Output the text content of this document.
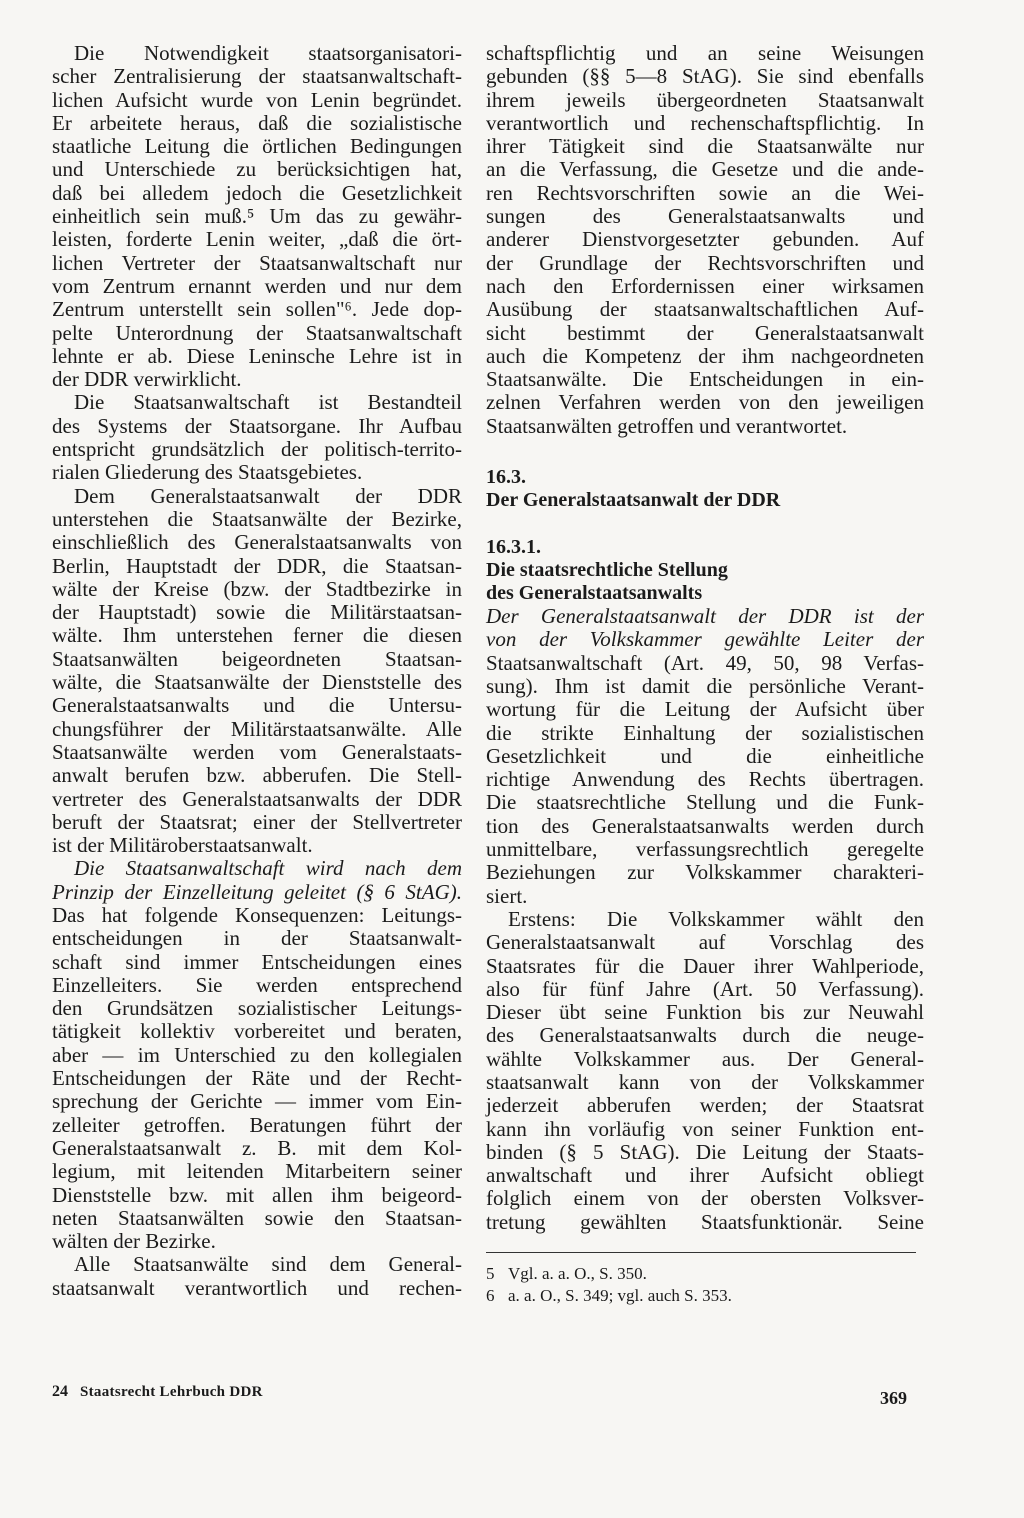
Die Notwendigkeit staatsorganisatori-
scher Zentralisierung der staatsanwaltschaft-
lichen Aufsicht wurde von Lenin begründet.
Er arbeitete heraus, daß die sozialistische
staatliche Leitung die örtlichen Bedingungen
und Unterschiede zu berücksichtigen hat,
daß bei alledem jedoch die Gesetzlichkeit
einheitlich sein muß.⁵ Um das zu gewähr-
leisten, forderte Lenin weiter, „daß die ört-
lichen Vertreter der Staatsanwaltschaft nur
vom Zentrum ernannt werden und nur dem
Zentrum unterstellt sein sollen"⁶. Jede dop-
pelte Unterordnung der Staatsanwaltschaft
lehnte er ab. Diese Leninsche Lehre ist in
der DDR verwirklicht.
Die Staatsanwaltschaft ist Bestandteil
des Systems der Staatsorgane. Ihr Aufbau
entspricht grundsätzlich der politisch-territo-
rialen Gliederung des Staatsgebietes.
Dem Generalstaatsanwalt der DDR
unterstehen die Staatsanwälte der Bezirke,
einschließlich des Generalstaatsanwalts von
Berlin, Hauptstadt der DDR, die Staatsan-
wälte der Kreise (bzw. der Stadtbezirke in
der Hauptstadt) sowie die Militärstaatsan-
wälte. Ihm unterstehen ferner die diesen
Staatsanwälten beigeordneten Staatsan-
wälte, die Staatsanwälte der Dienststelle des
Generalstaatsanwalts und die Untersu-
chungsführer der Militärstaatsanwälte. Alle
Staatsanwälte werden vom Generalstaats-
anwalt berufen bzw. abberufen. Die Stell-
vertreter des Generalstaatsanwalts der DDR
beruft der Staatsrat; einer der Stellvertreter
ist der Militäroberstaatsanwalt.
Die Staatsanwaltschaft wird nach dem
Prinzip der Einzelleitung geleitet (§ 6 StAG).
Das hat folgende Konsequenzen: Leitungs-
entscheidungen in der Staatsanwalt-
schaft sind immer Entscheidungen eines
Einzelleiters. Sie werden entsprechend
den Grundsätzen sozialistischer Leitungs-
tätigkeit kollektiv vorbereitet und beraten,
aber — im Unterschied zu den kollegialen
Entscheidungen der Räte und der Recht-
sprechung der Gerichte — immer vom Ein-
zelleiter getroffen. Beratungen führt der
Generalstaatsanwalt z. B. mit dem Kol-
legium, mit leitenden Mitarbeitern seiner
Dienststelle bzw. mit allen ihm beigeord-
neten Staatsanwälten sowie den Staatsan-
wälten der Bezirke.
Alle Staatsanwälte sind dem General-
staatsanwalt verantwortlich und rechen-
schaftspflichtig und an seine Weisungen
gebunden (§§ 5—8 StAG). Sie sind ebenfalls
ihrem jeweils übergeordneten Staatsanwalt
verantwortlich und rechenschaftspflichtig. In
ihrer Tätigkeit sind die Staatsanwälte nur
an die Verfassung, die Gesetze und die ande-
ren Rechtsvorschriften sowie an die Wei-
sungen des Generalstaatsanwalts und
anderer Dienstvorgesetzter gebunden. Auf
der Grundlage der Rechtsvorschriften und
nach den Erfordernissen einer wirksamen
Ausübung der staatsanwaltschaftlichen Auf-
sicht bestimmt der Generalstaatsanwalt
auch die Kompetenz der ihm nachgeordneten
Staatsanwälte. Die Entscheidungen in ein-
zelnen Verfahren werden von den jeweiligen
Staatsanwälten getroffen und verantwortet.
16.3.
Der Generalstaatsanwalt der DDR
16.3.1.
Die staatsrechtliche Stellung
des Generalstaatsanwalts
Der Generalstaatsanwalt der DDR ist der
von der Volkskammer gewählte Leiter der
Staatsanwaltschaft (Art. 49, 50, 98 Verfas-
sung). Ihm ist damit die persönliche Verant-
wortung für die Leitung der Aufsicht über
die strikte Einhaltung der sozialistischen
Gesetzlichkeit und die einheitliche
richtige Anwendung des Rechts übertragen.
Die staatsrechtliche Stellung und die Funk-
tion des Generalstaatsanwalts werden durch
unmittelbare, verfassungsrechtlich geregelte
Beziehungen zur Volkskammer charakteri-
siert.
Erstens: Die Volkskammer wählt den
Generalstaatsanwalt auf Vorschlag des
Staatsrates für die Dauer ihrer Wahlperiode,
also für fünf Jahre (Art. 50 Verfassung).
Dieser übt seine Funktion bis zur Neuwahl
des Generalstaatsanwalts durch die neuge-
wählte Volkskammer aus. Der General-
staatsanwalt kann von der Volkskammer
jederzeit abberufen werden; der Staatsrat
kann ihn vorläufig von seiner Funktion ent-
binden (§ 5 StAG). Die Leitung der Staats-
anwaltschaft und ihrer Aufsicht obliegt
folglich einem von der obersten Volksver-
tretung gewählten Staatsfunktionär. Seine
5 Vgl. a. a. O., S. 350.
6 a. a. O., S. 349; vgl. auch S. 353.
24 Staatsrecht Lehrbuch DDR	369
